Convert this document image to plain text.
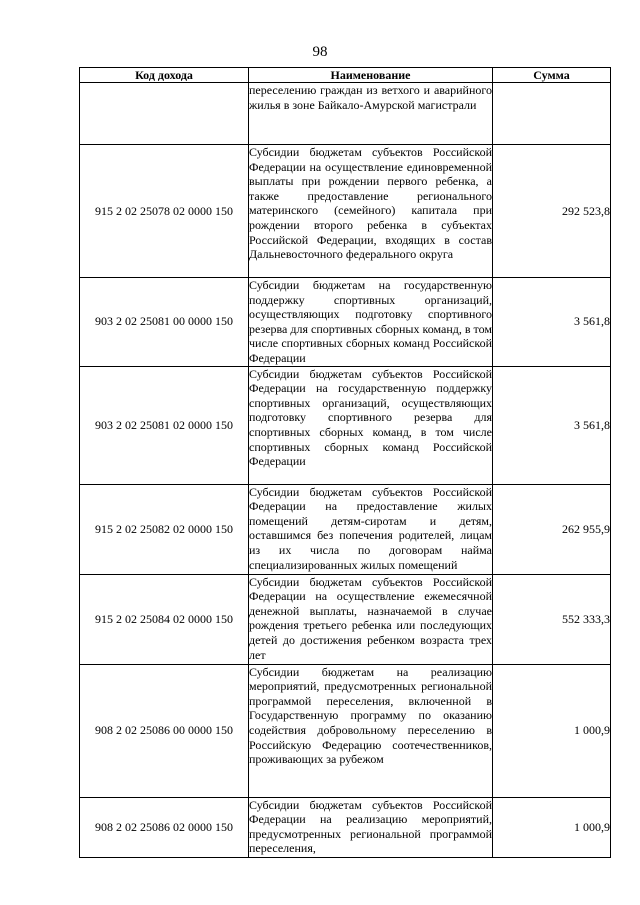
98
Код дохода	Наименование	Сумма
	переселению граждан из ветхого и аварийного жилья в зоне Байкало-Амурской магистрали	
915 2 02 25078 02 0000 150	Субсидии бюджетам субъектов Российской Федерации на осуществление единовременной выплаты при рождении первого ребенка, а также предоставление регионального материнского (семейного) капитала при рождении второго ребенка в субъектах Российской Федерации, входящих в состав Дальневосточного федерального округа	292 523,8
903 2 02 25081 00 0000 150	Субсидии бюджетам на государственную поддержку спортивных организаций, осуществляющих подготовку спортивного резерва для спортивных сборных команд, в том числе спортивных сборных команд Российской Федерации	3 561,8
903 2 02 25081 02 0000 150	Субсидии бюджетам субъектов Российской Федерации на государственную поддержку спортивных организаций, осуществляющих подготовку спортивного резерва для спортивных сборных команд, в том числе спортивных сборных команд Российской Федерации	3 561,8
915 2 02 25082 02 0000 150	Субсидии бюджетам субъектов Российской Федерации на предоставление жилых помещений детям-сиротам и детям, оставшимся без попечения родителей, лицам из их числа по договорам найма специализированных жилых помещений	262 955,9
915 2 02 25084 02 0000 150	Субсидии бюджетам субъектов Российской Федерации на осуществление ежемесячной денежной выплаты, назначаемой в случае рождения третьего ребенка или последующих детей до достижения ребенком возраста трех лет	552 333,3
908 2 02 25086 00 0000 150	Субсидии бюджетам на реализацию мероприятий, предусмотренных региональной программой переселения, включенной в Государственную программу по оказанию содействия добровольному переселению в Российскую Федерацию соотечественников, проживающих за рубежом	1 000,9
908 2 02 25086 02 0000 150	Субсидии бюджетам субъектов Российской Федерации на реализацию мероприятий, предусмотренных региональной программой переселения,	1 000,9
